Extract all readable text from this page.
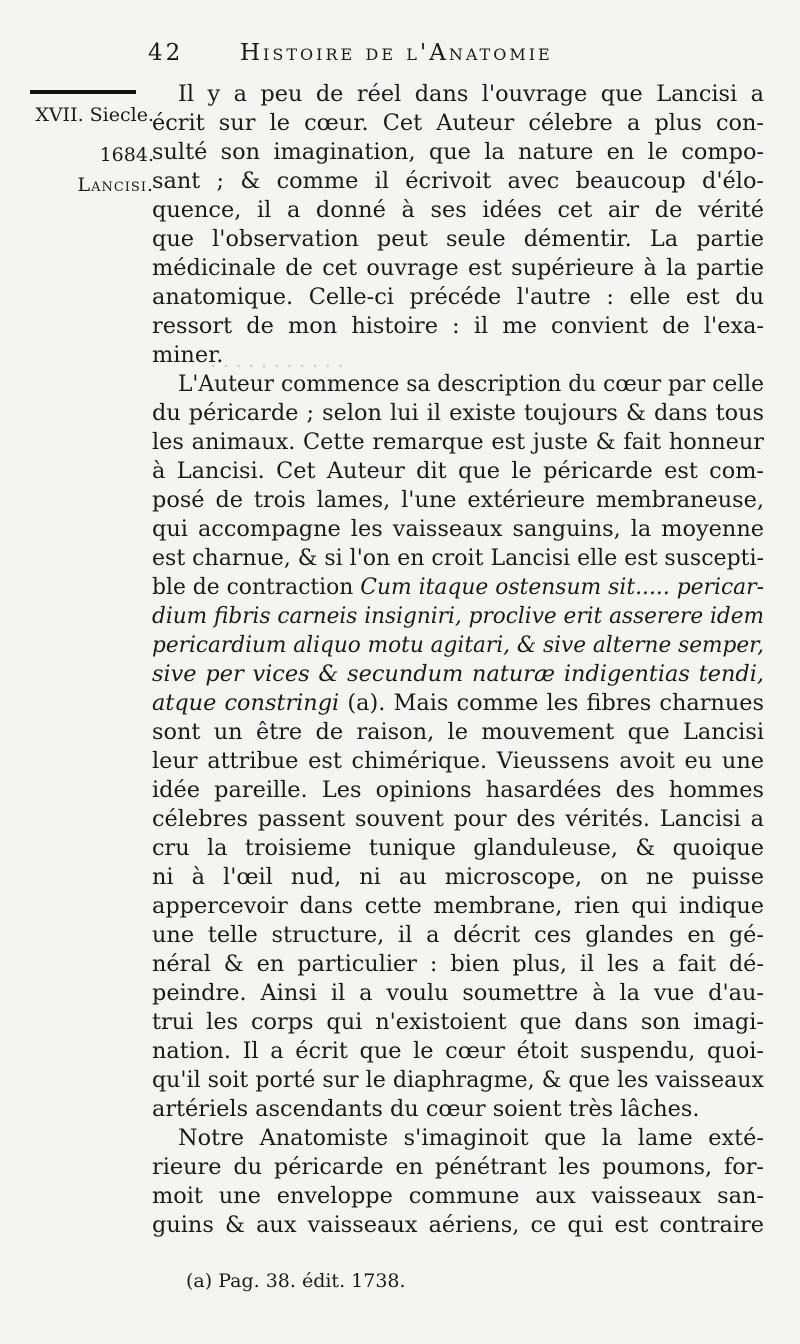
. . . . . . . . . . .
42 Histoire de l'Anatomie
XVII. Siecle.
1684.
Lancisi.
Il y a peu de réel dans l'ouvrage que Lancisi a
écrit sur le cœur. Cet Auteur célebre a plus con-
sulté son imagination, que la nature en le compo-
sant ; & comme il écrivoit avec beaucoup d'élo-
quence, il a donné à ses idées cet air de vérité
que l'observation peut seule démentir. La partie
médicinale de cet ouvrage est supérieure à la partie
anatomique. Celle-ci précéde l'autre : elle est du
ressort de mon histoire : il me convient de l'exa-
miner.
L'Auteur commence sa description du cœur par celle
du péricarde ; selon lui il existe toujours & dans tous
les animaux. Cette remarque est juste & fait honneur
à Lancisi. Cet Auteur dit que le péricarde est com-
posé de trois lames, l'une extérieure membraneuse,
qui accompagne les vaisseaux sanguins, la moyenne
est charnue, & si l'on en croit Lancisi elle est suscepti-
ble de contraction Cum itaque ostensum sit..... pericar-
dium fibris carneis insigniri, proclive erit asserere idem
pericardium aliquo motu agitari, & sive alterne semper,
sive per vices & secundum naturæ indigentias tendi,
atque constringi (a). Mais comme les fibres charnues
sont un être de raison, le mouvement que Lancisi
leur attribue est chimérique. Vieussens avoit eu une
idée pareille. Les opinions hasardées des hommes
célebres passent souvent pour des vérités. Lancisi a
cru la troisieme tunique glanduleuse, & quoique
ni à l'œil nud, ni au microscope, on ne puisse
appercevoir dans cette membrane, rien qui indique
une telle structure, il a décrit ces glandes en gé-
néral & en particulier : bien plus, il les a fait dé-
peindre. Ainsi il a voulu soumettre à la vue d'au-
trui les corps qui n'existoient que dans son imagi-
nation. Il a écrit que le cœur étoit suspendu, quoi-
qu'il soit porté sur le diaphragme, & que les vaisseaux
artériels ascendants du cœur soient très lâches.
Notre Anatomiste s'imaginoit que la lame exté-
rieure du péricarde en pénétrant les poumons, for-
moit une enveloppe commune aux vaisseaux san-
guins & aux vaisseaux aériens, ce qui est contraire
(a) Pag. 38. édit. 1738.
